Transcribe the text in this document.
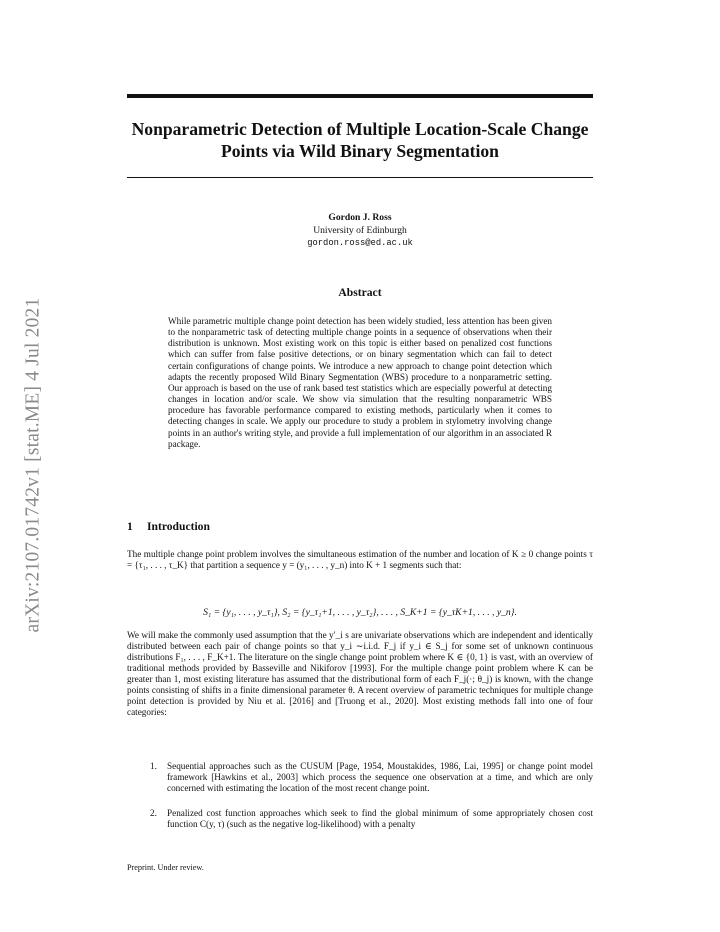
arXiv:2107.01742v1 [stat.ME] 4 Jul 2021
Nonparametric Detection of Multiple Location-Scale Change Points via Wild Binary Segmentation
Gordon J. Ross
University of Edinburgh
gordon.ross@ed.ac.uk
Abstract
While parametric multiple change point detection has been widely studied, less attention has been given to the nonparametric task of detecting multiple change points in a sequence of observations when their distribution is unknown. Most existing work on this topic is either based on penalized cost functions which can suffer from false positive detections, or on binary segmentation which can fail to detect certain configurations of change points. We introduce a new approach to change point detection which adapts the recently proposed Wild Binary Segmentation (WBS) procedure to a nonparametric setting. Our approach is based on the use of rank based test statistics which are especially powerful at detecting changes in location and/or scale. We show via simulation that the resulting nonparametric WBS procedure has favorable performance compared to existing methods, particularly when it comes to detecting changes in scale. We apply our procedure to study a problem in stylometry involving change points in an author's writing style, and provide a full implementation of our algorithm in an associated R package.
1 Introduction
The multiple change point problem involves the simultaneous estimation of the number and location of K ≥ 0 change points τ = {τ₁, . . . , τ_K} that partition a sequence y = (y₁, . . . , y_n) into K + 1 segments such that:
S₁ = {y₁, . . . , y_τ₁}, S₂ = {y_τ₁+1, . . . , y_τ₂}, . . . , S_K+1 = {y_τK+1, . . . , y_n}.
We will make the commonly used assumption that the y′_i s are univariate observations which are independent and identically distributed between each pair of change points so that y_i ∼i.i.d. F_j if y_i ∈ S_j for some set of unknown continuous distributions F₁, . . . , F_K+1. The literature on the single change point problem where K ∈ {0, 1} is vast, with an overview of traditional methods provided by Basseville and Nikiforov [1993]. For the multiple change point problem where K can be greater than 1, most existing literature has assumed that the distributional form of each F_j(·; θ_j) is known, with the change points consisting of shifts in a finite dimensional parameter θ. A recent overview of parametric techniques for multiple change point detection is provided by Niu et al. [2016] and [Truong et al., 2020]. Most existing methods fall into one of four categories:
1. Sequential approaches such as the CUSUM [Page, 1954, Moustakides, 1986, Lai, 1995] or change point model framework [Hawkins et al., 2003] which process the sequence one observation at a time, and which are only concerned with estimating the location of the most recent change point.
2. Penalized cost function approaches which seek to find the global minimum of some appropriately chosen cost function C(y, τ) (such as the negative log-likelihood) with a penalty
Preprint. Under review.
